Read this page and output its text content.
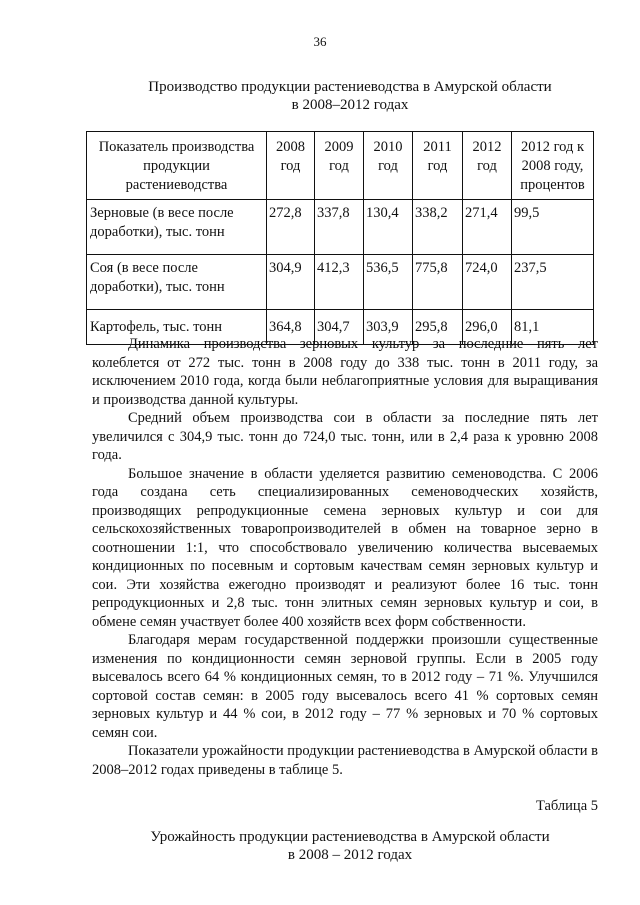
36
Производство продукции растениеводства в Амурской области
в 2008–2012 годах
Показатель производства продукции растениеводства	2008 год	2009 год	2010 год	2011 год	2012 год	2012 год к 2008 году, процентов
Зерновые (в весе после доработки), тыс. тонн	272,8	337,8	130,4	338,2	271,4	99,5
Соя (в весе после доработки), тыс. тонн	304,9	412,3	536,5	775,8	724,0	237,5
Картофель, тыс. тонн	364,8	304,7	303,9	295,8	296,0	81,1

Динамика производства зерновых культур за последние пять лет колеблется от 272 тыс. тонн в 2008 году до 338 тыс. тонн в 2011 году, за исключением 2010 года, когда были неблагоприятные условия для выращивания и производства данной культуры.

Средний объем производства сои в области за последние пять лет увеличился с 304,9 тыс. тонн до 724,0 тыс. тонн, или в 2,4 раза к уровню 2008 года.

Большое значение в области уделяется развитию семеноводства. С 2006 года создана сеть специализированных семеноводческих хозяйств, производящих репродукционные семена зерновых культур и сои для сельскохозяйственных товаропроизводителей в обмен на товарное зерно в соотношении 1:1, что способствовало увеличению количества высеваемых кондиционных по посевным и сортовым качествам семян зерновых культур и сои. Эти хозяйства ежегодно производят и реализуют более 16 тыс. тонн репродукционных и 2,8 тыс. тонн элитных семян зерновых культур и сои, в обмене семян участвует более 400 хозяйств всех форм собственности.

Благодаря мерам государственной поддержки произошли существенные изменения по кондиционности семян зерновой группы. Если в 2005 году высевалось всего 64 % кондиционных семян, то в 2012 году – 71 %. Улучшился сортовой состав семян: в 2005 году высевалось всего 41 % сортовых семян зерновых культур и 44 % сои, в 2012 году – 77 % зерновых и 70 % сортовых семян сои.

Показатели урожайности продукции растениеводства в Амурской области в 2008–2012 годах приведены в таблице 5.

Таблица 5
Урожайность продукции растениеводства в Амурской области
в 2008 – 2012 годах
